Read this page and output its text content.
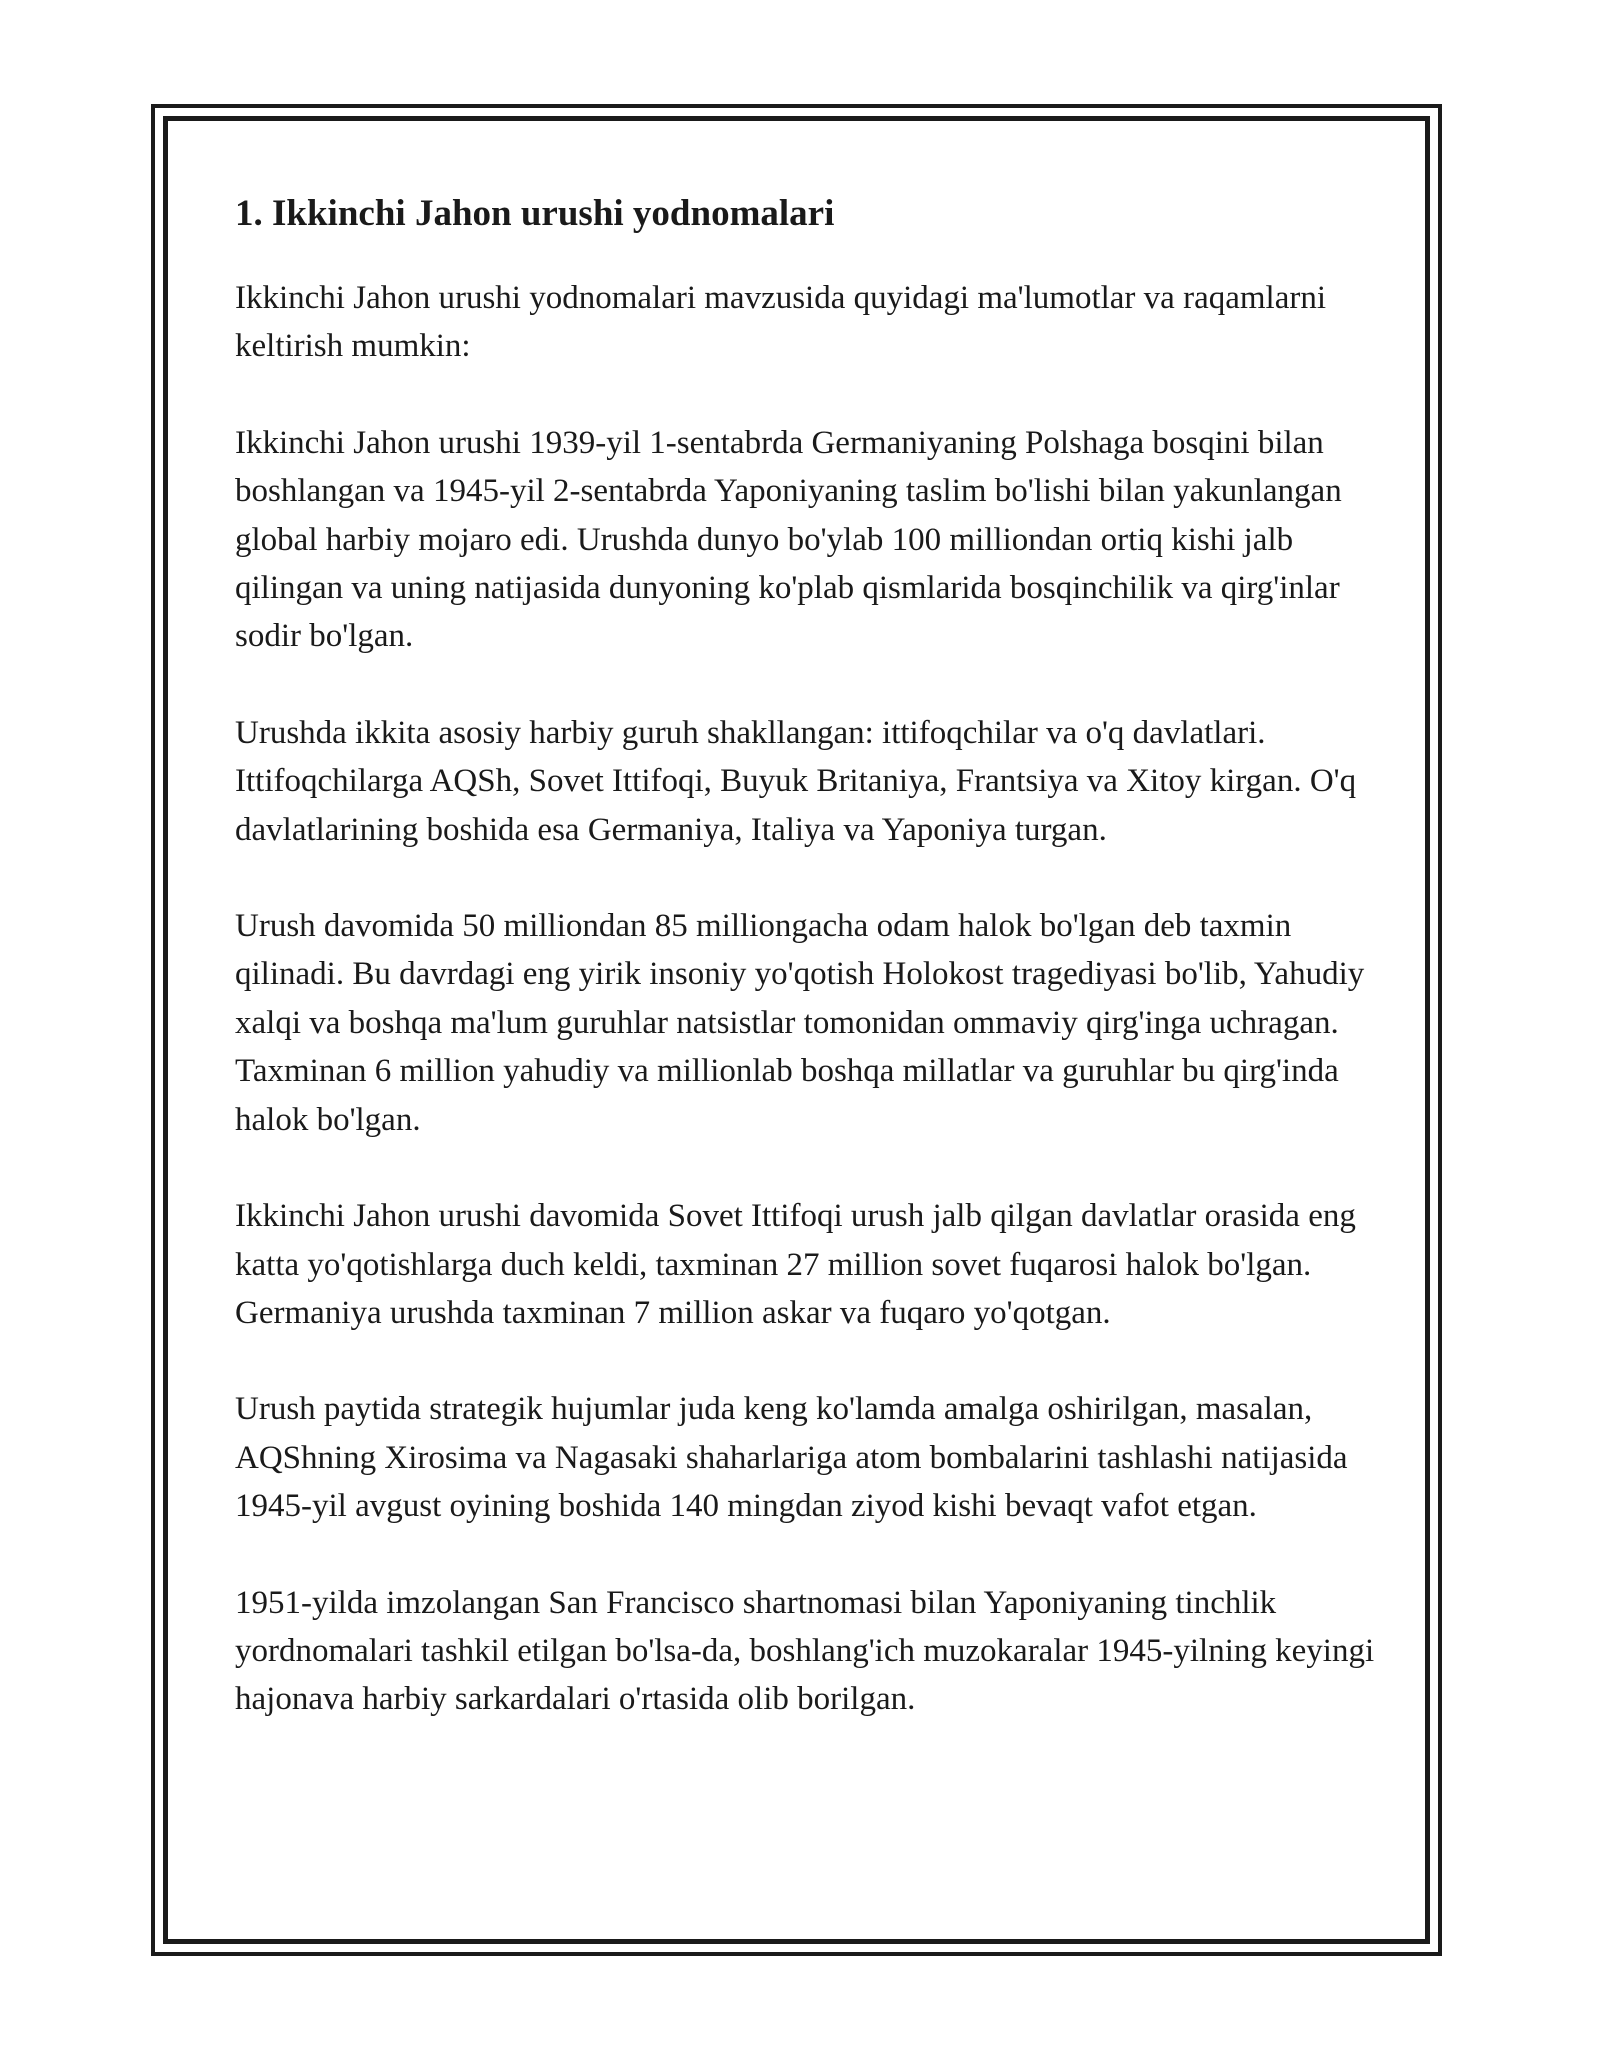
1. Ikkinchi Jahon urushi yodnomalari

Ikkinchi Jahon urushi yodnomalari mavzusida quyidagi ma'lumotlar va raqamlarni keltirish mumkin:

Ikkinchi Jahon urushi 1939-yil 1-sentabrda Germaniyaning Polshaga bosqini bilan boshlangan va 1945-yil 2-sentabrda Yaponiyaning taslim bo'lishi bilan yakunlangan global harbiy mojaro edi. Urushda dunyo bo'ylab 100 milliondan ortiq kishi jalb qilingan va uning natijasida dunyoning ko'plab qismlarida bosqinchilik va qirg'inlar sodir bo'lgan.

Urushda ikkita asosiy harbiy guruh shakllangan: ittifoqchilar va o'q davlatlari. Ittifoqchilarga AQSh, Sovet Ittifoqi, Buyuk Britaniya, Frantsiya va Xitoy kirgan. O'q davlatlarining boshida esa Germaniya, Italiya va Yaponiya turgan.

Urush davomida 50 milliondan 85 milliongacha odam halok bo'lgan deb taxmin qilinadi. Bu davrdagi eng yirik insoniy yo'qotish Holokost tragediyasi bo'lib, Yahudiy xalqi va boshqa ma'lum guruhlar natsistlar tomonidan ommaviy qirg'inga uchragan. Taxminan 6 million yahudiy va millionlab boshqa millatlar va guruhlar bu qirg'inda halok bo'lgan.

Ikkinchi Jahon urushi davomida Sovet Ittifoqi urush jalb qilgan davlatlar orasida eng katta yo'qotishlarga duch keldi, taxminan 27 million sovet fuqarosi halok bo'lgan. Germaniya urushda taxminan 7 million askar va fuqaro yo'qotgan.

Urush paytida strategik hujumlar juda keng ko'lamda amalga oshirilgan, masalan, AQShning Xirosima va Nagasaki shaharlariga atom bombalarini tashlashi natijasida 1945-yil avgust oyining boshida 140 mingdan ziyod kishi bevaqt vafot etgan.

1951-yilda imzolangan San Francisco shartnomasi bilan Yaponiyaning tinchlik yordnomalari tashkil etilgan bo'lsa-da, boshlang'ich muzokaralar 1945-yilning keyingi hajonava harbiy sarkardalari o'rtasida olib borilgan.
